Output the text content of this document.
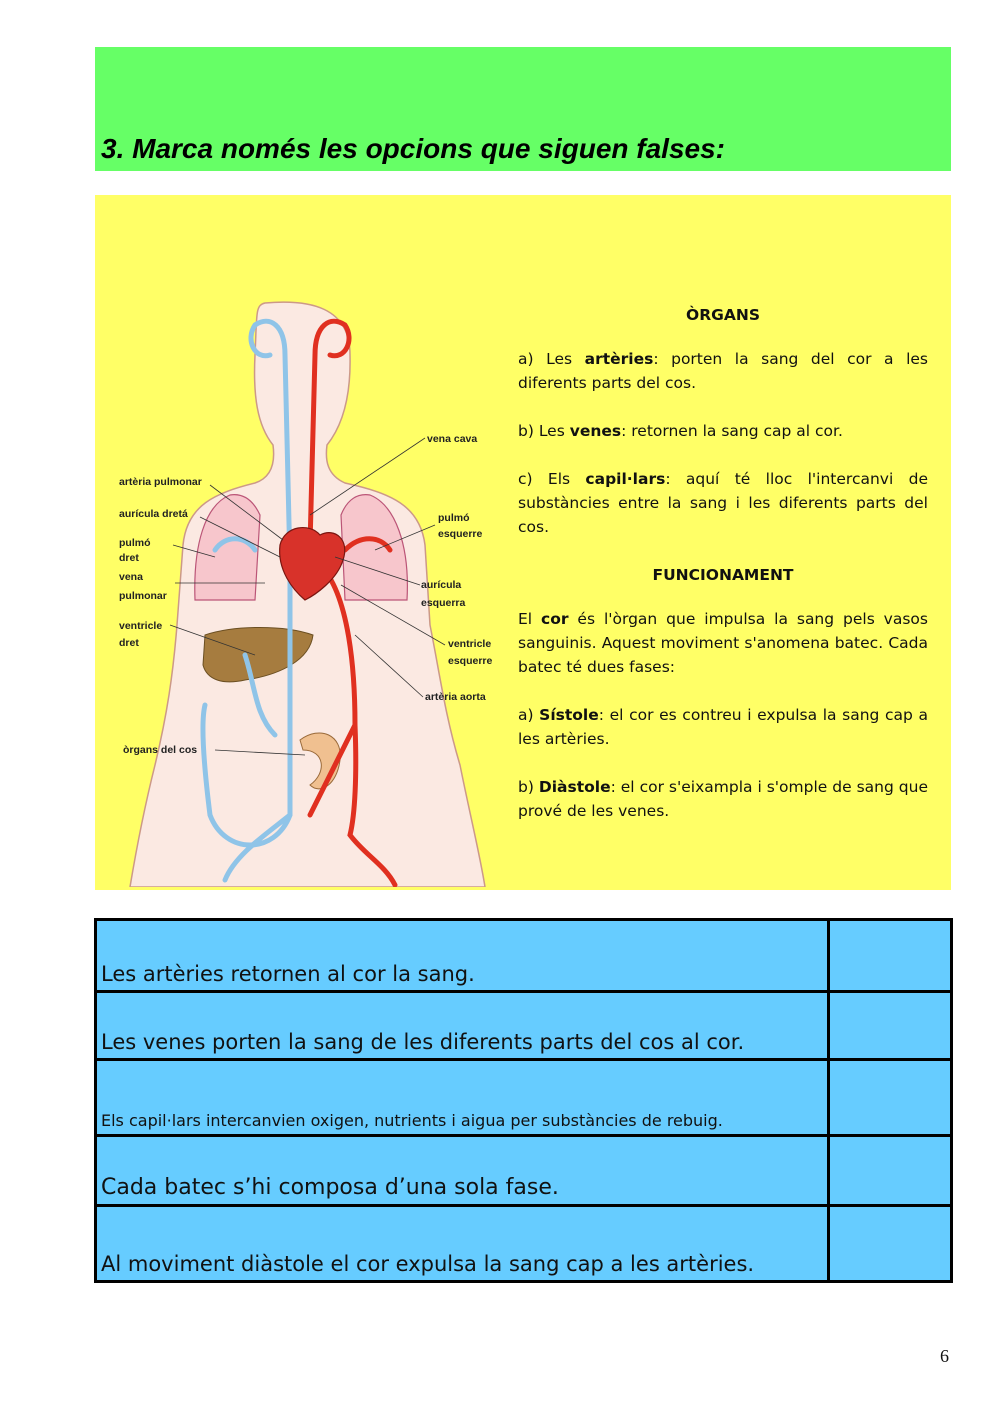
3. Marca només les opcions que siguen falses:
vena cava
artèria pulmonar
aurícula dretá
pulmó
dret
vena
pulmonar
ventricle
dret
òrgans del cos
pulmó
esquerre
aurícula
esquerra
ventricle
esquerre
artèria aorta

ÒRGANS

a) Les artèries: porten la sang del cor a les diferents parts del cos.

b) Les venes: retornen la sang cap al cor.

c) Els capil·lars: aquí té lloc l'intercanvi de substàncies entre la sang i les diferents parts del cos.

FUNCIONAMENT

El cor és l'òrgan que impulsa la sang pels vasos sanguinis. Aquest moviment s'anomena batec. Cada batec té dues fases:

a) Sístole: el cor es contreu i expulsa la sang cap a les artèries.

b) Diàstole: el cor s'eixampla i s'omple de sang que prové de les venes.

Les artèries retornen al cor la sang.	
Les venes porten la sang de les diferents parts del cos al cor.	
Els capil·lars intercanvien oxigen, nutrients i aigua per substàncies de rebuig.	
Cada batec s’hi composa d’una sola fase.	
Al moviment diàstole el cor expulsa la sang cap a les artèries.	
6
